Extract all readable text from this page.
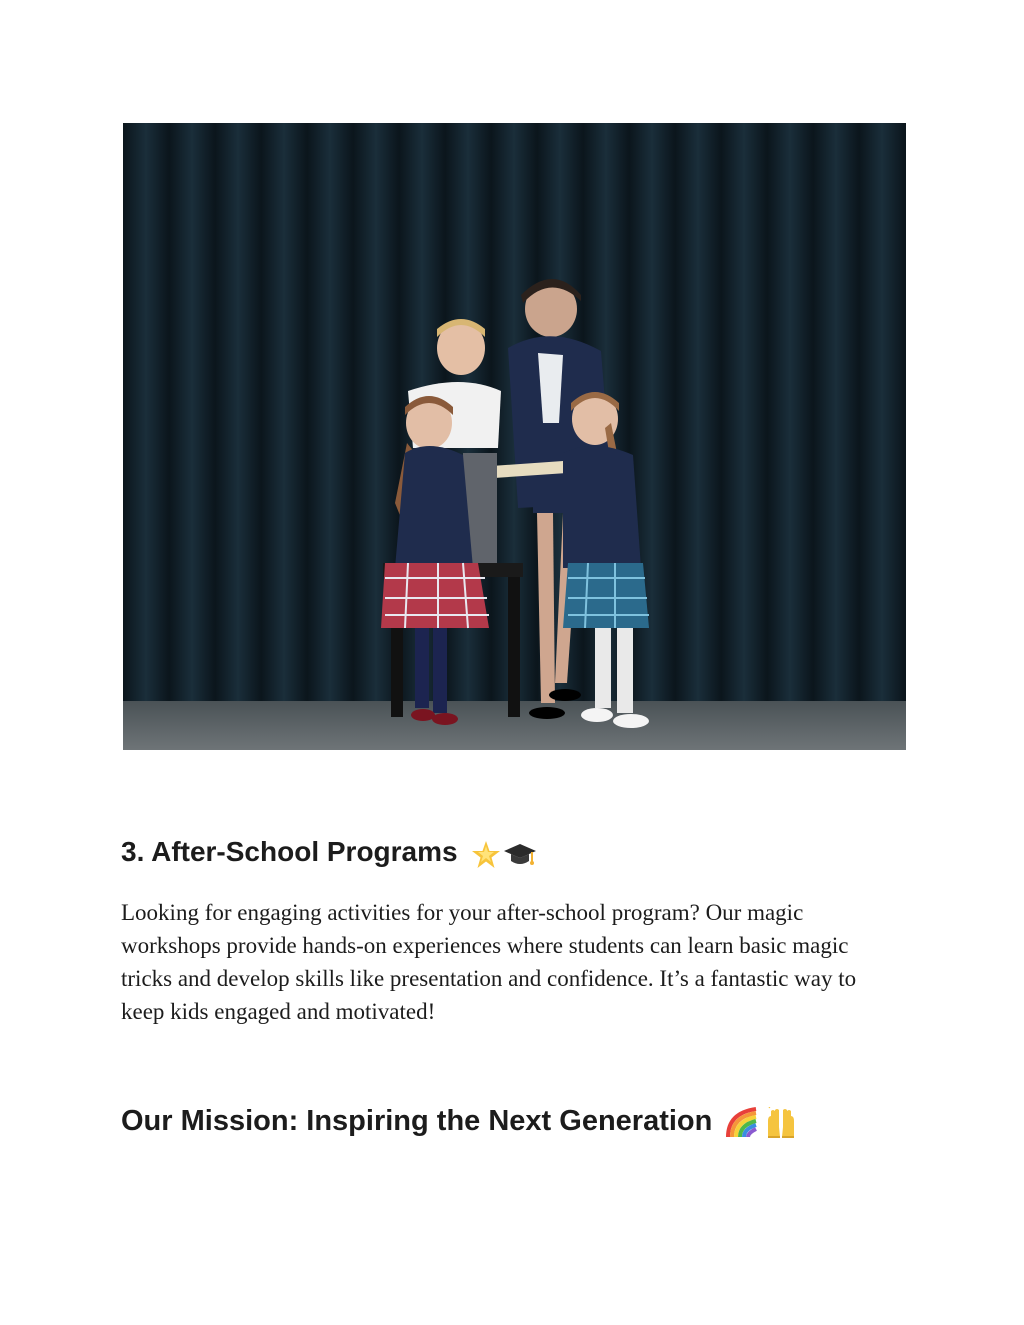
3. After-School Programs

Looking for engaging activities for your after-school program? Our magic workshops provide hands-on experiences where students can learn basic magic tricks and develop skills like presentation and confidence. It’s a fantastic way to keep kids engaged and motivated!

Our Mission: Inspiring the Next Generation
